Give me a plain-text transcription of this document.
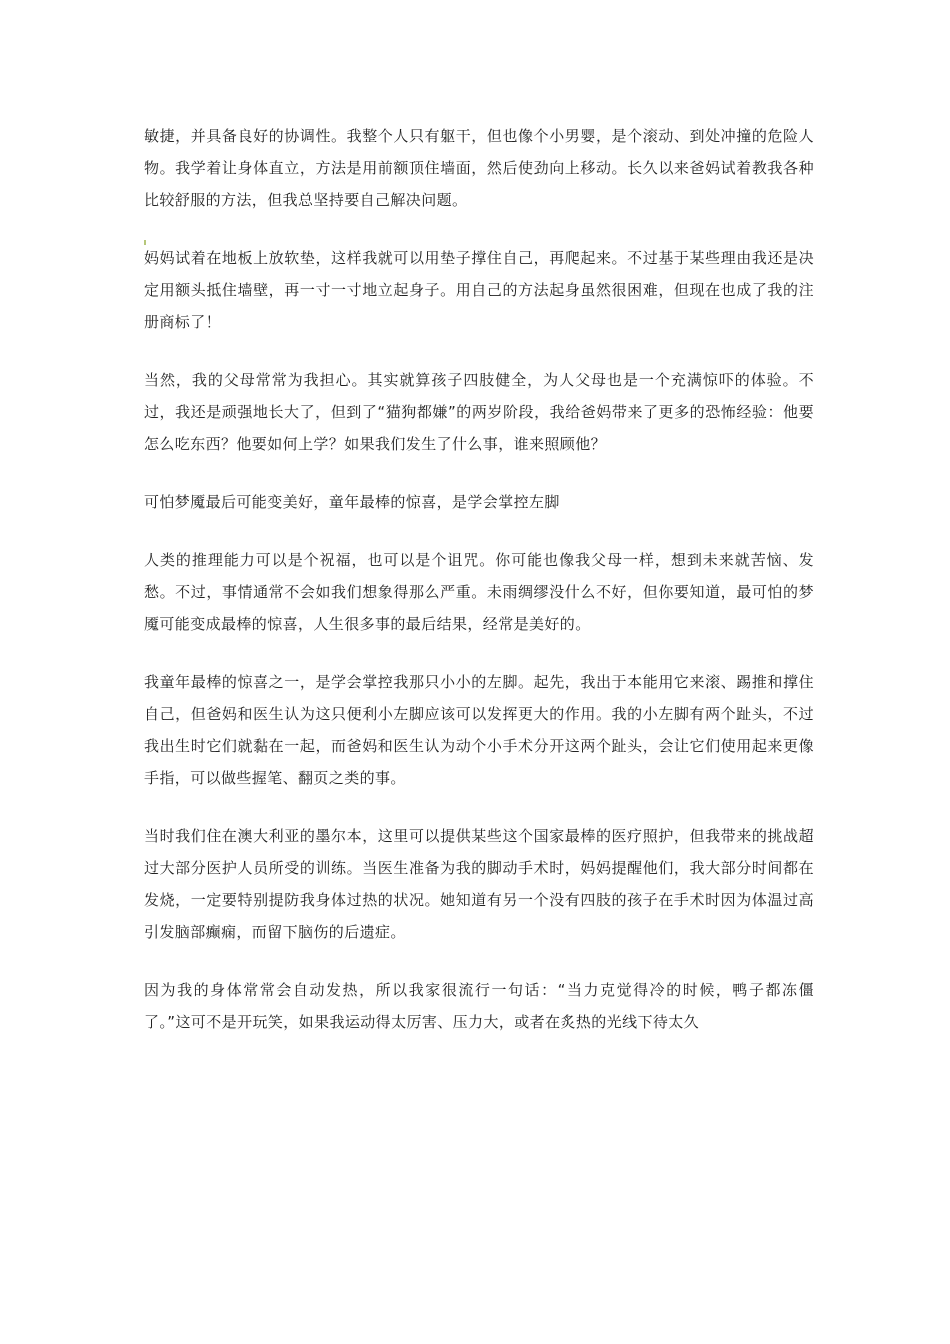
敏捷，并具备良好的协调性。我整个人只有躯干，但也像个小男婴，是个滚动、到处冲撞的危险人物。我学着让身体直立，方法是用前额顶住墙面，然后使劲向上移动。长久以来爸妈试着教我各种比较舒服的方法，但我总坚持要自己解决问题。

妈妈试着在地板上放软垫，这样我就可以用垫子撑住自己，再爬起来。不过基于某些理由我还是决定用额头抵住墙壁，再一寸一寸地立起身子。用自己的方法起身虽然很困难，但现在也成了我的注册商标了！

当然，我的父母常常为我担心。其实就算孩子四肢健全，为人父母也是一个充满惊吓的体验。不过，我还是顽强地长大了，但到了“猫狗都嫌”的两岁阶段，我给爸妈带来了更多的恐怖经验：他要怎么吃东西？他要如何上学？如果我们发生了什么事，谁来照顾他？

可怕梦魇最后可能变美好，童年最棒的惊喜，是学会掌控左脚

人类的推理能力可以是个祝福，也可以是个诅咒。你可能也像我父母一样，想到未来就苦恼、发愁。不过，事情通常不会如我们想象得那么严重。未雨绸缪没什么不好，但你要知道，最可怕的梦魇可能变成最棒的惊喜，人生很多事的最后结果，经常是美好的。

我童年最棒的惊喜之一，是学会掌控我那只小小的左脚。起先，我出于本能用它来滚、踢推和撑住自己，但爸妈和医生认为这只便利小左脚应该可以发挥更大的作用。我的小左脚有两个趾头，不过我出生时它们就黏在一起，而爸妈和医生认为动个小手术分开这两个趾头，会让它们使用起来更像手指，可以做些握笔、翻页之类的事。

当时我们住在澳大利亚的墨尔本，这里可以提供某些这个国家最棒的医疗照护，但我带来的挑战超过大部分医护人员所受的训练。当医生准备为我的脚动手术时，妈妈提醒他们，我大部分时间都在发烧，一定要特别提防我身体过热的状况。她知道有另一个没有四肢的孩子在手术时因为体温过高引发脑部癫痫，而留下脑伤的后遗症。

因为我的身体常常会自动发热，所以我家很流行一句话：“当力克觉得冷的时候，鸭子都冻僵了。”这可不是开玩笑，如果我运动得太厉害、压力大，或者在炙热的光线下待太久
